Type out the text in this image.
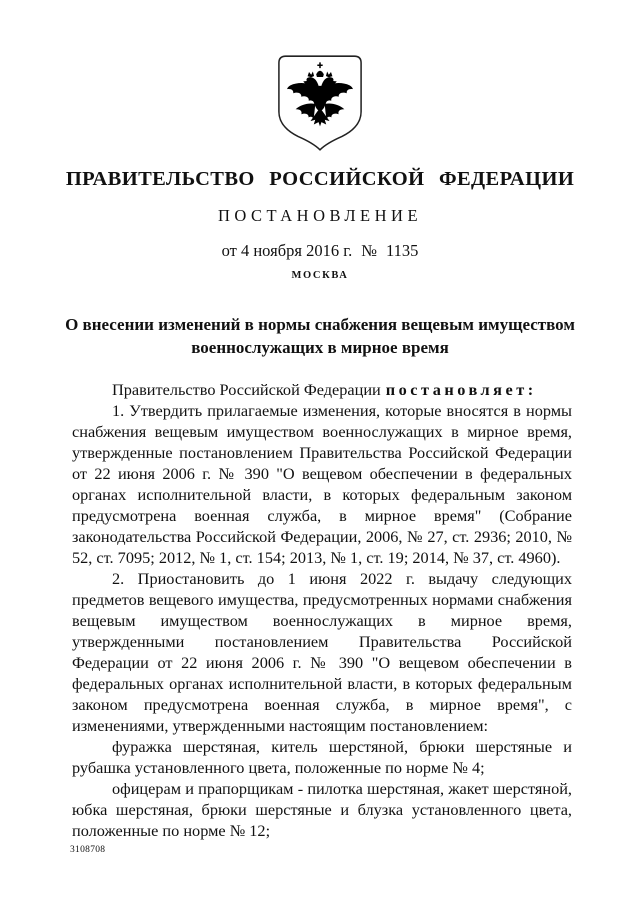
ПРАВИТЕЛЬСТВО РОССИЙСКОЙ ФЕДЕРАЦИИ
ПОСТАНОВЛЕНИЕ
от 4 ноября 2016 г. № 1135
МОСКВА
О внесении изменений в нормы снабжения вещевым имуществом
военнослужащих в мирное время

Правительство Российской Федерации постановляет:

1. Утвердить прилагаемые изменения, которые вносятся в нормы снабжения вещевым имуществом военнослужащих в мирное время, утвержденные постановлением Правительства Российской Федерации от 22 июня 2006 г. № 390 "О вещевом обеспечении в федеральных органах исполнительной власти, в которых федеральным законом предусмотрена военная служба, в мирное время" (Собрание законодательства Российской Федерации, 2006, № 27, ст. 2936; 2010, № 52, ст. 7095; 2012, № 1, ст. 154; 2013, № 1, ст. 19; 2014, № 37, ст. 4960).

2. Приостановить до 1 июня 2022 г. выдачу следующих предметов вещевого имущества, предусмотренных нормами снабжения вещевым имуществом военнослужащих в мирное время, утвержденными постановлением Правительства Российской Федерации от 22 июня 2006 г. № 390 "О вещевом обеспечении в федеральных органах исполнительной власти, в которых федеральным законом предусмотрена военная служба, в мирное время", с изменениями, утвержденными настоящим постановлением:

фуражка шерстяная, китель шерстяной, брюки шерстяные и рубашка установленного цвета, положенные по норме № 4;

офицерам и прапорщикам - пилотка шерстяная, жакет шерстяной, юбка шерстяная, брюки шерстяные и блузка установленного цвета, положенные по норме № 12;

3108708
